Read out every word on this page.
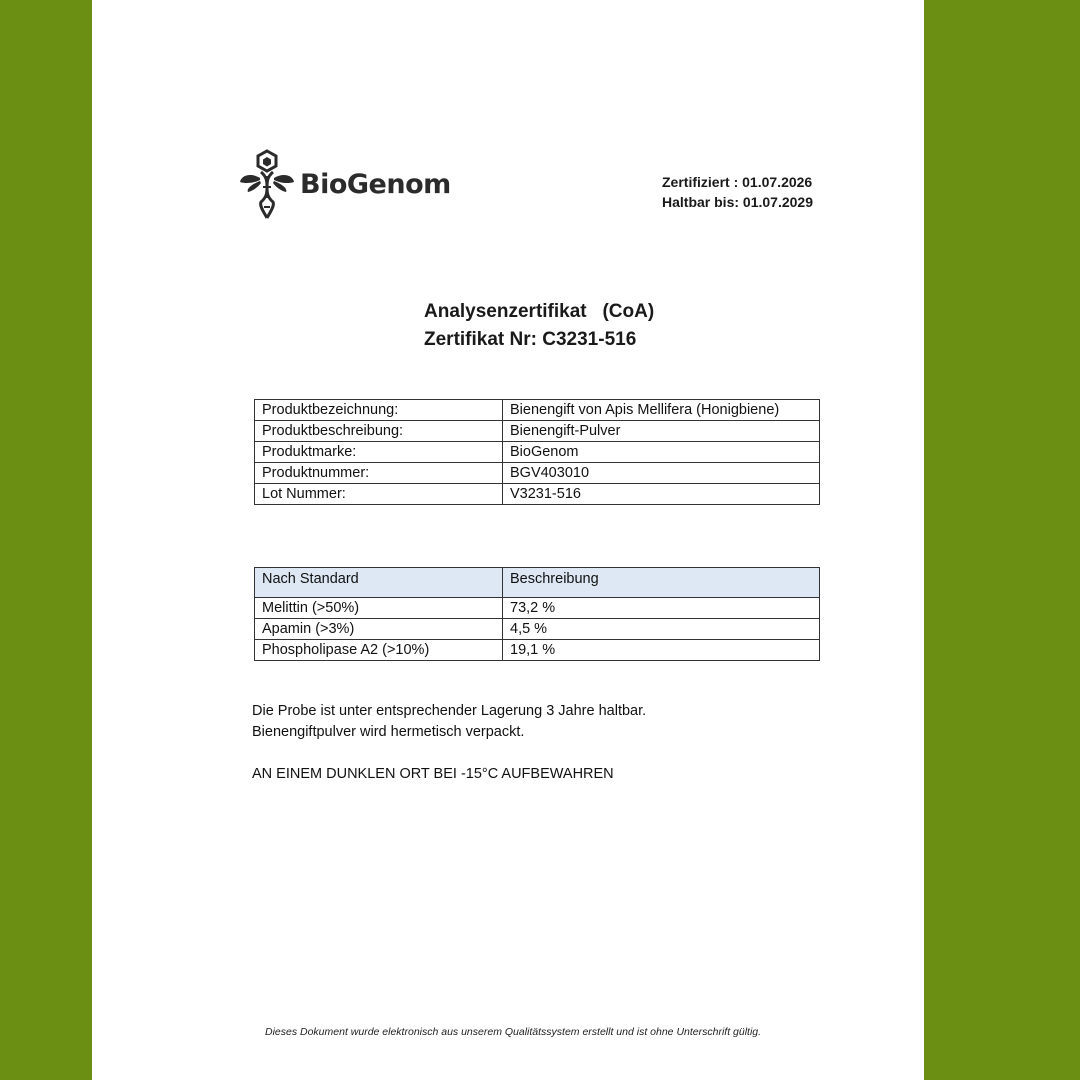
BioGenom	Zertifiziert : 01.07.2026
Haltbar bis: 01.07.2029
Analysenzertifikat   (CoA)
Zertifikat Nr: C3231-516
Produktbezeichnung:	Bienengift von Apis Mellifera (Honigbiene)
Produktbeschreibung:	Bienengift-Pulver
Produktmarke:	BioGenom
Produktnummer:	BGV403010
Lot Nummer:	V3231-516
Nach Standard	Beschreibung
Melittin (>50%)	73,2 %
Apamin (>3%)	4,5 %
Phospholipase A2 (>10%)	19,1 %
Die Probe ist unter entsprechender Lagerung 3 Jahre haltbar.
Bienengiftpulver wird hermetisch verpackt.
AN EINEM DUNKLEN ORT BEI -15°C AUFBEWAHREN
Dieses Dokument wurde elektronisch aus unserem Qualitätssystem erstellt und ist ohne Unterschrift gültig.
